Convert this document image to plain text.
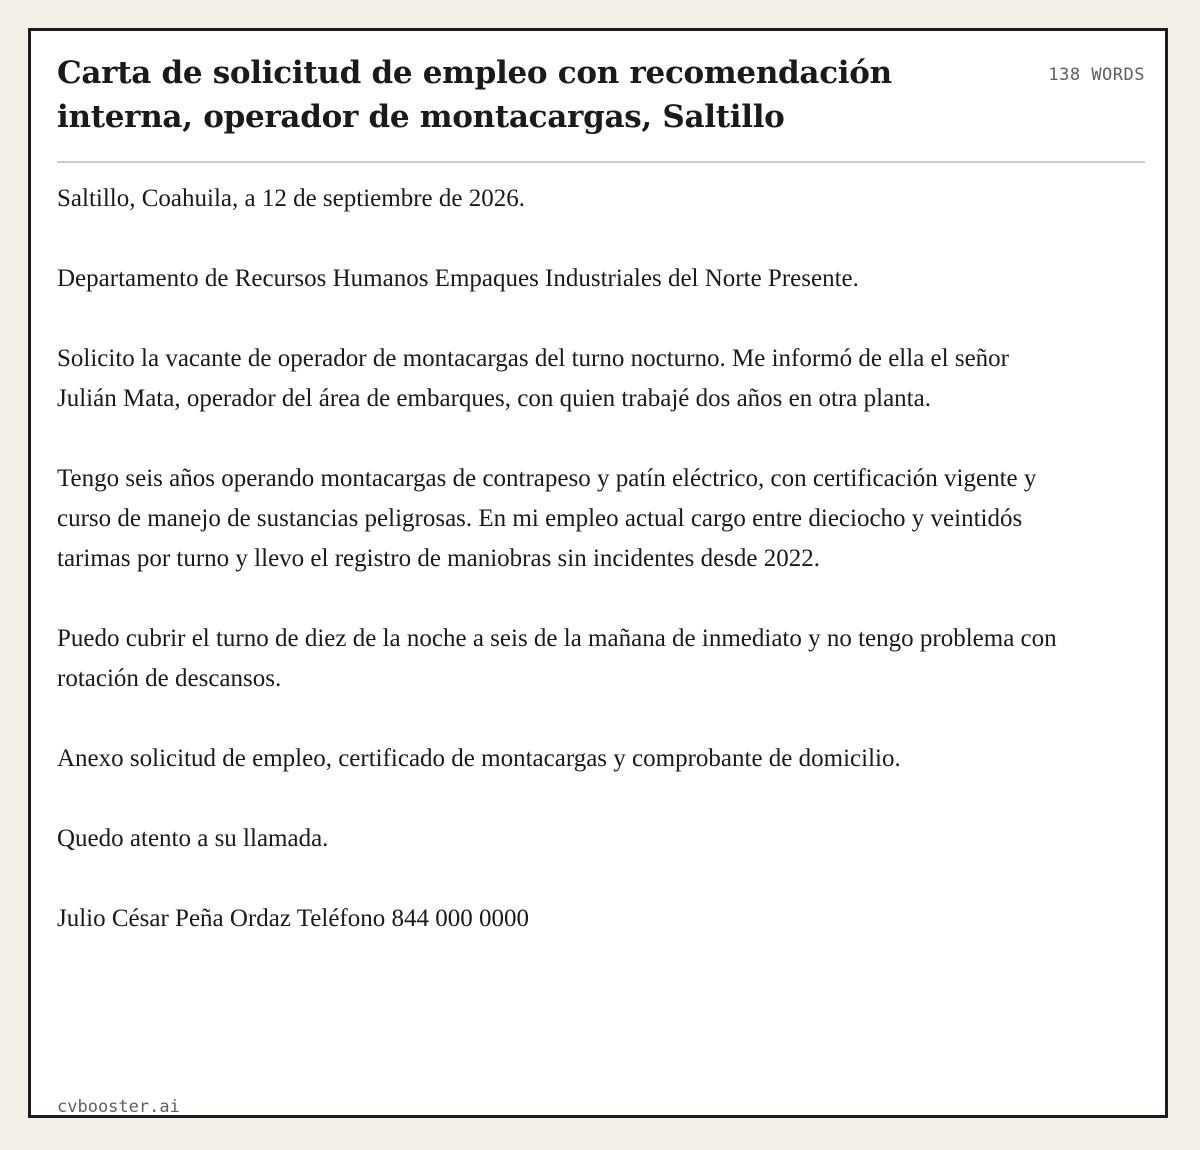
Carta de solicitud de empleo con recomendación interna, operador de montacargas, Saltillo
138 WORDS

Saltillo, Coahuila, a 12 de septiembre de 2026.

Departamento de Recursos Humanos Empaques Industriales del Norte Presente.

Solicito la vacante de operador de montacargas del turno nocturno. Me informó de ella el señor Julián Mata, operador del área de embarques, con quien trabajé dos años en otra planta.

Tengo seis años operando montacargas de contrapeso y patín eléctrico, con certificación vigente y curso de manejo de sustancias peligrosas. En mi empleo actual cargo entre dieciocho y veintidós tarimas por turno y llevo el registro de maniobras sin incidentes desde 2022.

Puedo cubrir el turno de diez de la noche a seis de la mañana de inmediato y no tengo problema con rotación de descansos.

Anexo solicitud de empleo, certificado de montacargas y comprobante de domicilio.

Quedo atento a su llamada.

Julio César Peña Ordaz Teléfono 844 000 0000

cvbooster.ai
